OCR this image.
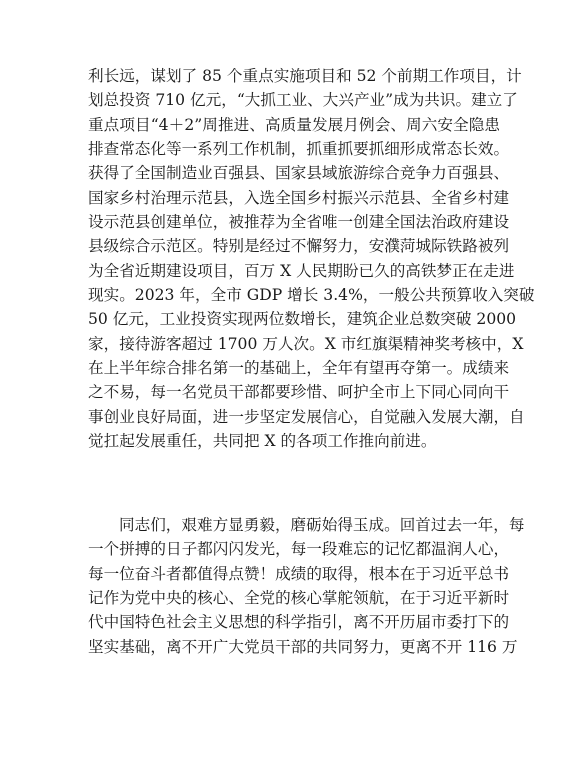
利长远，谋划了 85 个重点实施项目和 52 个前期工作项目，计
划总投资 710 亿元，“大抓工业、大兴产业”成为共识。建立了
重点项目“4＋2”周推进、高质量发展月例会、周六安全隐患
排查常态化等一系列工作机制，抓重抓要抓细形成常态长效。
获得了全国制造业百强县、国家县域旅游综合竞争力百强县、
国家乡村治理示范县，入选全国乡村振兴示范县、全省乡村建
设示范县创建单位，被推荐为全省唯一创建全国法治政府建设
县级综合示范区。特别是经过不懈努力，安濮菏城际铁路被列
为全省近期建设项目，百万 X 人民期盼已久的高铁梦正在走进
现实。2023 年，全市 GDP 增长 3.4%，一般公共预算收入突破
50 亿元，工业投资实现两位数增长，建筑企业总数突破 2000
家，接待游客超过 1700 万人次。X 市红旗渠精神奖考核中，X
在上半年综合排名第一的基础上，全年有望再夺第一。成绩来
之不易，每一名党员干部都要珍惜、呵护全市上下同心同向干
事创业良好局面，进一步坚定发展信心，自觉融入发展大潮，自
觉扛起发展重任，共同把 X 的各项工作推向前进。
同志们，艰难方显勇毅，磨砺始得玉成。回首过去一年，每
一个拼搏的日子都闪闪发光，每一段难忘的记忆都温润人心，
每一位奋斗者都值得点赞！成绩的取得，根本在于习近平总书
记作为党中央的核心、全党的核心掌舵领航，在于习近平新时
代中国特色社会主义思想的科学指引，离不开历届市委打下的
坚实基础，离不开广大党员干部的共同努力，更离不开 116 万
